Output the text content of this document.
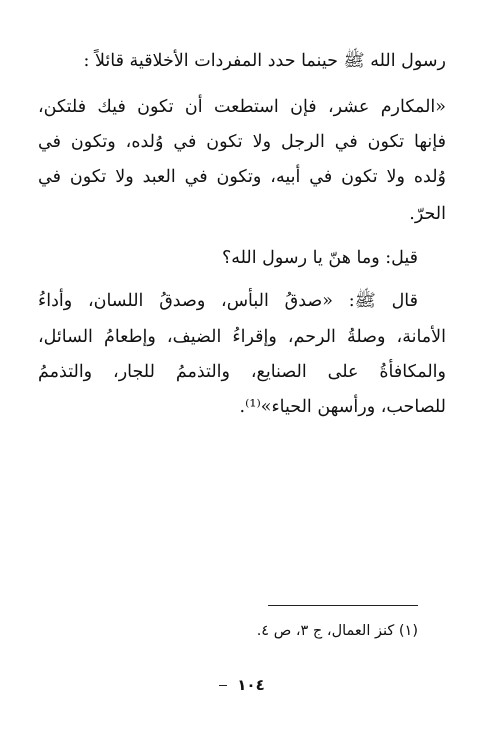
رسول الله ﷺ حينما حدد المفردات الأخلاقية قائلاً :
«المكارم عشر، فإن استطعت أن تكون فيك فلتكن،
فإنها تكون في الرجل ولا تكون في وُلده، وتكون في
وُلده ولا تكون في أبيه، وتكون في العبد ولا تكون في
الحرّ.
قيل: وما هنّ يا رسول الله؟
قال ﷺ: «صدقُ البأس، وصدقُ اللسان، وأداءُ
الأمانة، وصلةُ الرحم، وإقراءُ الضيف، وإطعامُ السائل،
والمكافأةُ على الصنايع، والتذممُ للجار، والتذممُ
للصاحب، ورأسهن الحياء»⁽¹⁾.
(١) كنز العمال، ج ٣، ص ٤.
١٠٤
